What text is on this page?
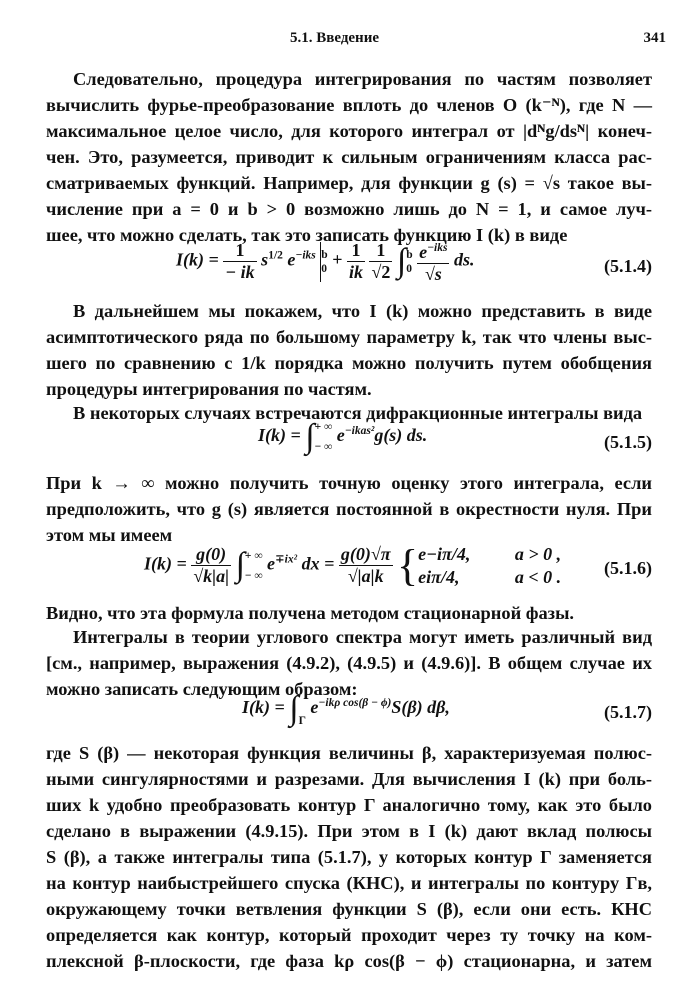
5.1. Введение	341

Следовательно, процедура интегрирования по частям позволяет
вычислить фурье-преобразование вплоть до членов O (k⁻ᴺ), где N —
максимальное целое число, для которого интеграл от |dᴺg/dsᴺ| конеч-
чен. Это, разумеется, приводит к сильным ограничениям класса рас-
сматриваемых функций. Например, для функции g (s) = √s такое вы-
числение при a = 0 и b > 0 возможно лишь до N = 1, и самое луч-
шее, что можно сделать, так это записать функцию I (k) в виде

$I(k) = \frac{1}{- ik} s^{1/2}$ $e^{-iks}$ b
$0 + \frac{1}{ik}$
$\frac{1}{√2}$ ∫ b
0
$\frac{e^{-iks}}{√s}$ ds.	(5.1.4)

В дальнейшем мы покажем, что I (k) можно представить в виде
асимптотического ряда по большому параметру k, так что члены выс-
шего по сравнению с 1/k порядка можно получить путем обобщения
процедуры интегрирования по частям.

В некоторых случаях встречаются дифракционные интегралы вида

I(k) = ∫ + ∞
− ∞
$e^{-ikas^2}g(s)$ ds.	(5.1.5)

При k → ∞ можно получить точную оценку этого интеграла, если
предположить, что g (s) является постоянной в окрестности нуля. При
этом мы имеем

$I(k) = \frac{g(0)}{√k|a|}$ ∫ + ∞
− ∞
$e^{\mp ix^2}$ dx = $\frac{g(0)√\pi}{√|a|k}$ { e−iπ/4,
eiπ/4,

a > 0 ,
a < 0 . (5.1.6)

Видно, что эта формула получена методом стационарной фазы.

Интегралы в теории углового спектра могут иметь различный вид
[см., например, выражения (4.9.2), (4.9.5) и (4.9.6)]. В общем случае их
можно записать следующим образом:

I(k) = ∫
Γ
$e^{-ik\rho cos(\beta - \phi)}S(\beta)$ dβ,	(5.1.7)

где S (β) — некоторая функция величины β, характеризуемая полюс-
ными сингулярностями и разрезами. Для вычисления I (k) при боль-
ших k удобно преобразовать контур Γ аналогично тому, как это было
сделано в выражении (4.9.15). При этом в I (k) дают вклад полюсы
S (β), а также интегралы типа (5.1.7), у которых контур Γ заменяется
на контур наибыстрейшего спуска (КНС), и интегралы по контуру Γв,
окружающему точки ветвления функции S (β), если они есть. КНС
определяется как контур, который проходит через ту точку на ком-
плексной β-плоскости, где фаза kρ cos(β − ϕ) стационарна, и затем
